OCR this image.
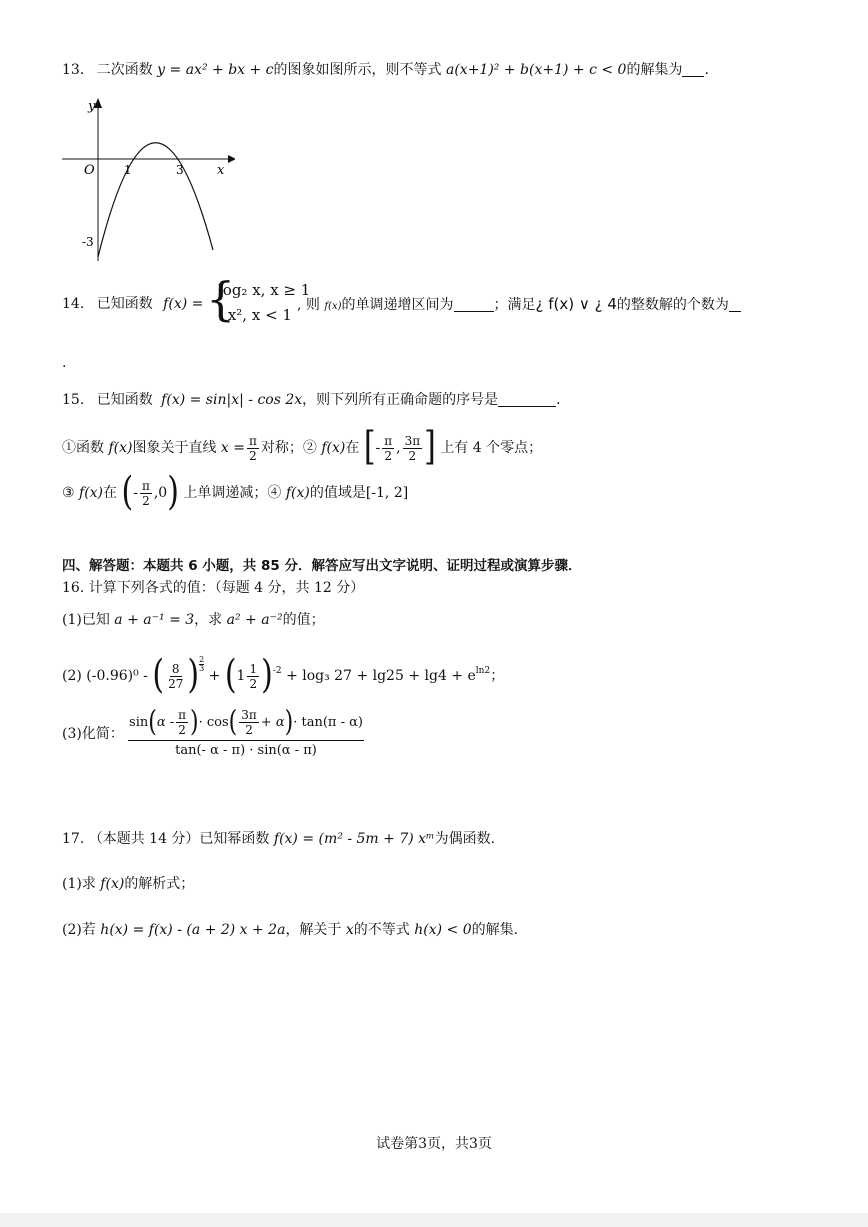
13. 二次函数 y = ax² + bx + c的图象如图所示，则不等式 a(x+1)² + b(x+1) + c < 0的解集为 .
y
x
O 1	3
-3
14. 已知函数 f(x) = {
log₂ x, x ≥ 1
- x², x < 1
, 则 f(x)的单调递增区间为	；满足¿ f(x) ∨ ¿ 4的整数解的个数为
.
15. 已知函数 f(x) = sin|x| - cos 2x，则下列所有正确命题的序号是	.
①函数 f(x)图象关于直线 $x = \frac{\pi}{2}$ 对称；② f(x)在 [- $\frac{\pi}{2}$ , $\frac{3\pi}{2}$ ] 上有 4 个零点；
③ f(x)在 (- $\frac{\pi}{2} ,0$) 上单调递减；④ f(x)的值域是[-1, 2]
四、解答题：本题共 6 小题，共 85 分．解答应写出文字说明、证明过程或演算步骤．
16. 计算下列各式的值：（每题 4 分，共 12 分）
(1)已知 a + a⁻¹ = 3，求 a² + a⁻²的值；
(2) (-0.96)⁰ - ( $\frac{8}{27}$ ) $\frac{2}{3}$
+ $(1 \frac{1}{2} )^{-2} + \log_3$ $27 + \lg 25 + \lg 4 + e^{ln2}$；
(3)化简： $\frac{\sin(\alpha - \frac{\pi}{2} )\cdot \cos( \frac{3\pi}{2} + \alpha)\cdot \tan(\pi - \alpha)}{\tan(- \alpha - \pi) \cdot \sin(\alpha - \pi)}$
17. （本题共 14 分）已知幂函数 f(x) = (m² - 5m + 7) xᵐ为偶函数.
(1)求 f(x)的解析式；
(2)若 h(x) = f(x) - (a + 2) x + 2a，解关于 x的不等式 h(x) < 0的解集.
试卷第3页，共3页
